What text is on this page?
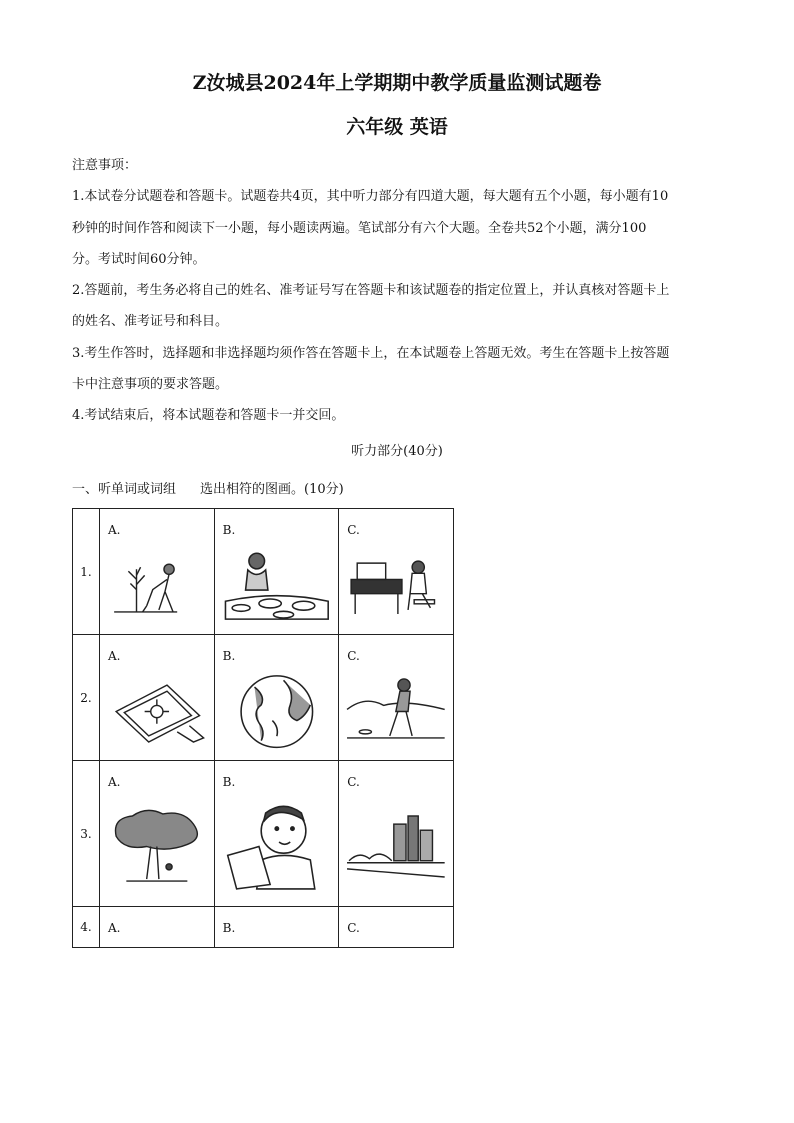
Z汝城县2024年上学期期中教学质量监测试题卷
六年级 英语

注意事项：

1.本试卷分试题卷和答题卡。试题卷共4页，其中听力部分有四道大题，每大题有五个小题，每小题有10

秒钟的时间作答和阅读下一小题，每小题读两遍。笔试部分有六个大题。全卷共52个小题，满分100

分。考试时间60分钟。

2.答题前，考生务必将自己的姓名、准考证号写在答题卡和该试题卷的指定位置上，并认真核对答题卡上

的姓名、准考证号和科目。

3.考生作答时，选择题和非选择题均须作答在答题卡上，在本试题卷上答题无效。考生在答题卡上按答题

卡中注意事项的要求答题。

4.考试结束后，将本试题卷和答题卡一并交回。

听力部分(40分)
一、听单词或词组 选出相符的图画。(10分)
1.	A.	B.	C.

2.	A.	B.	C.

3.	A.	B.	C.

4.	A.	B.	C.
